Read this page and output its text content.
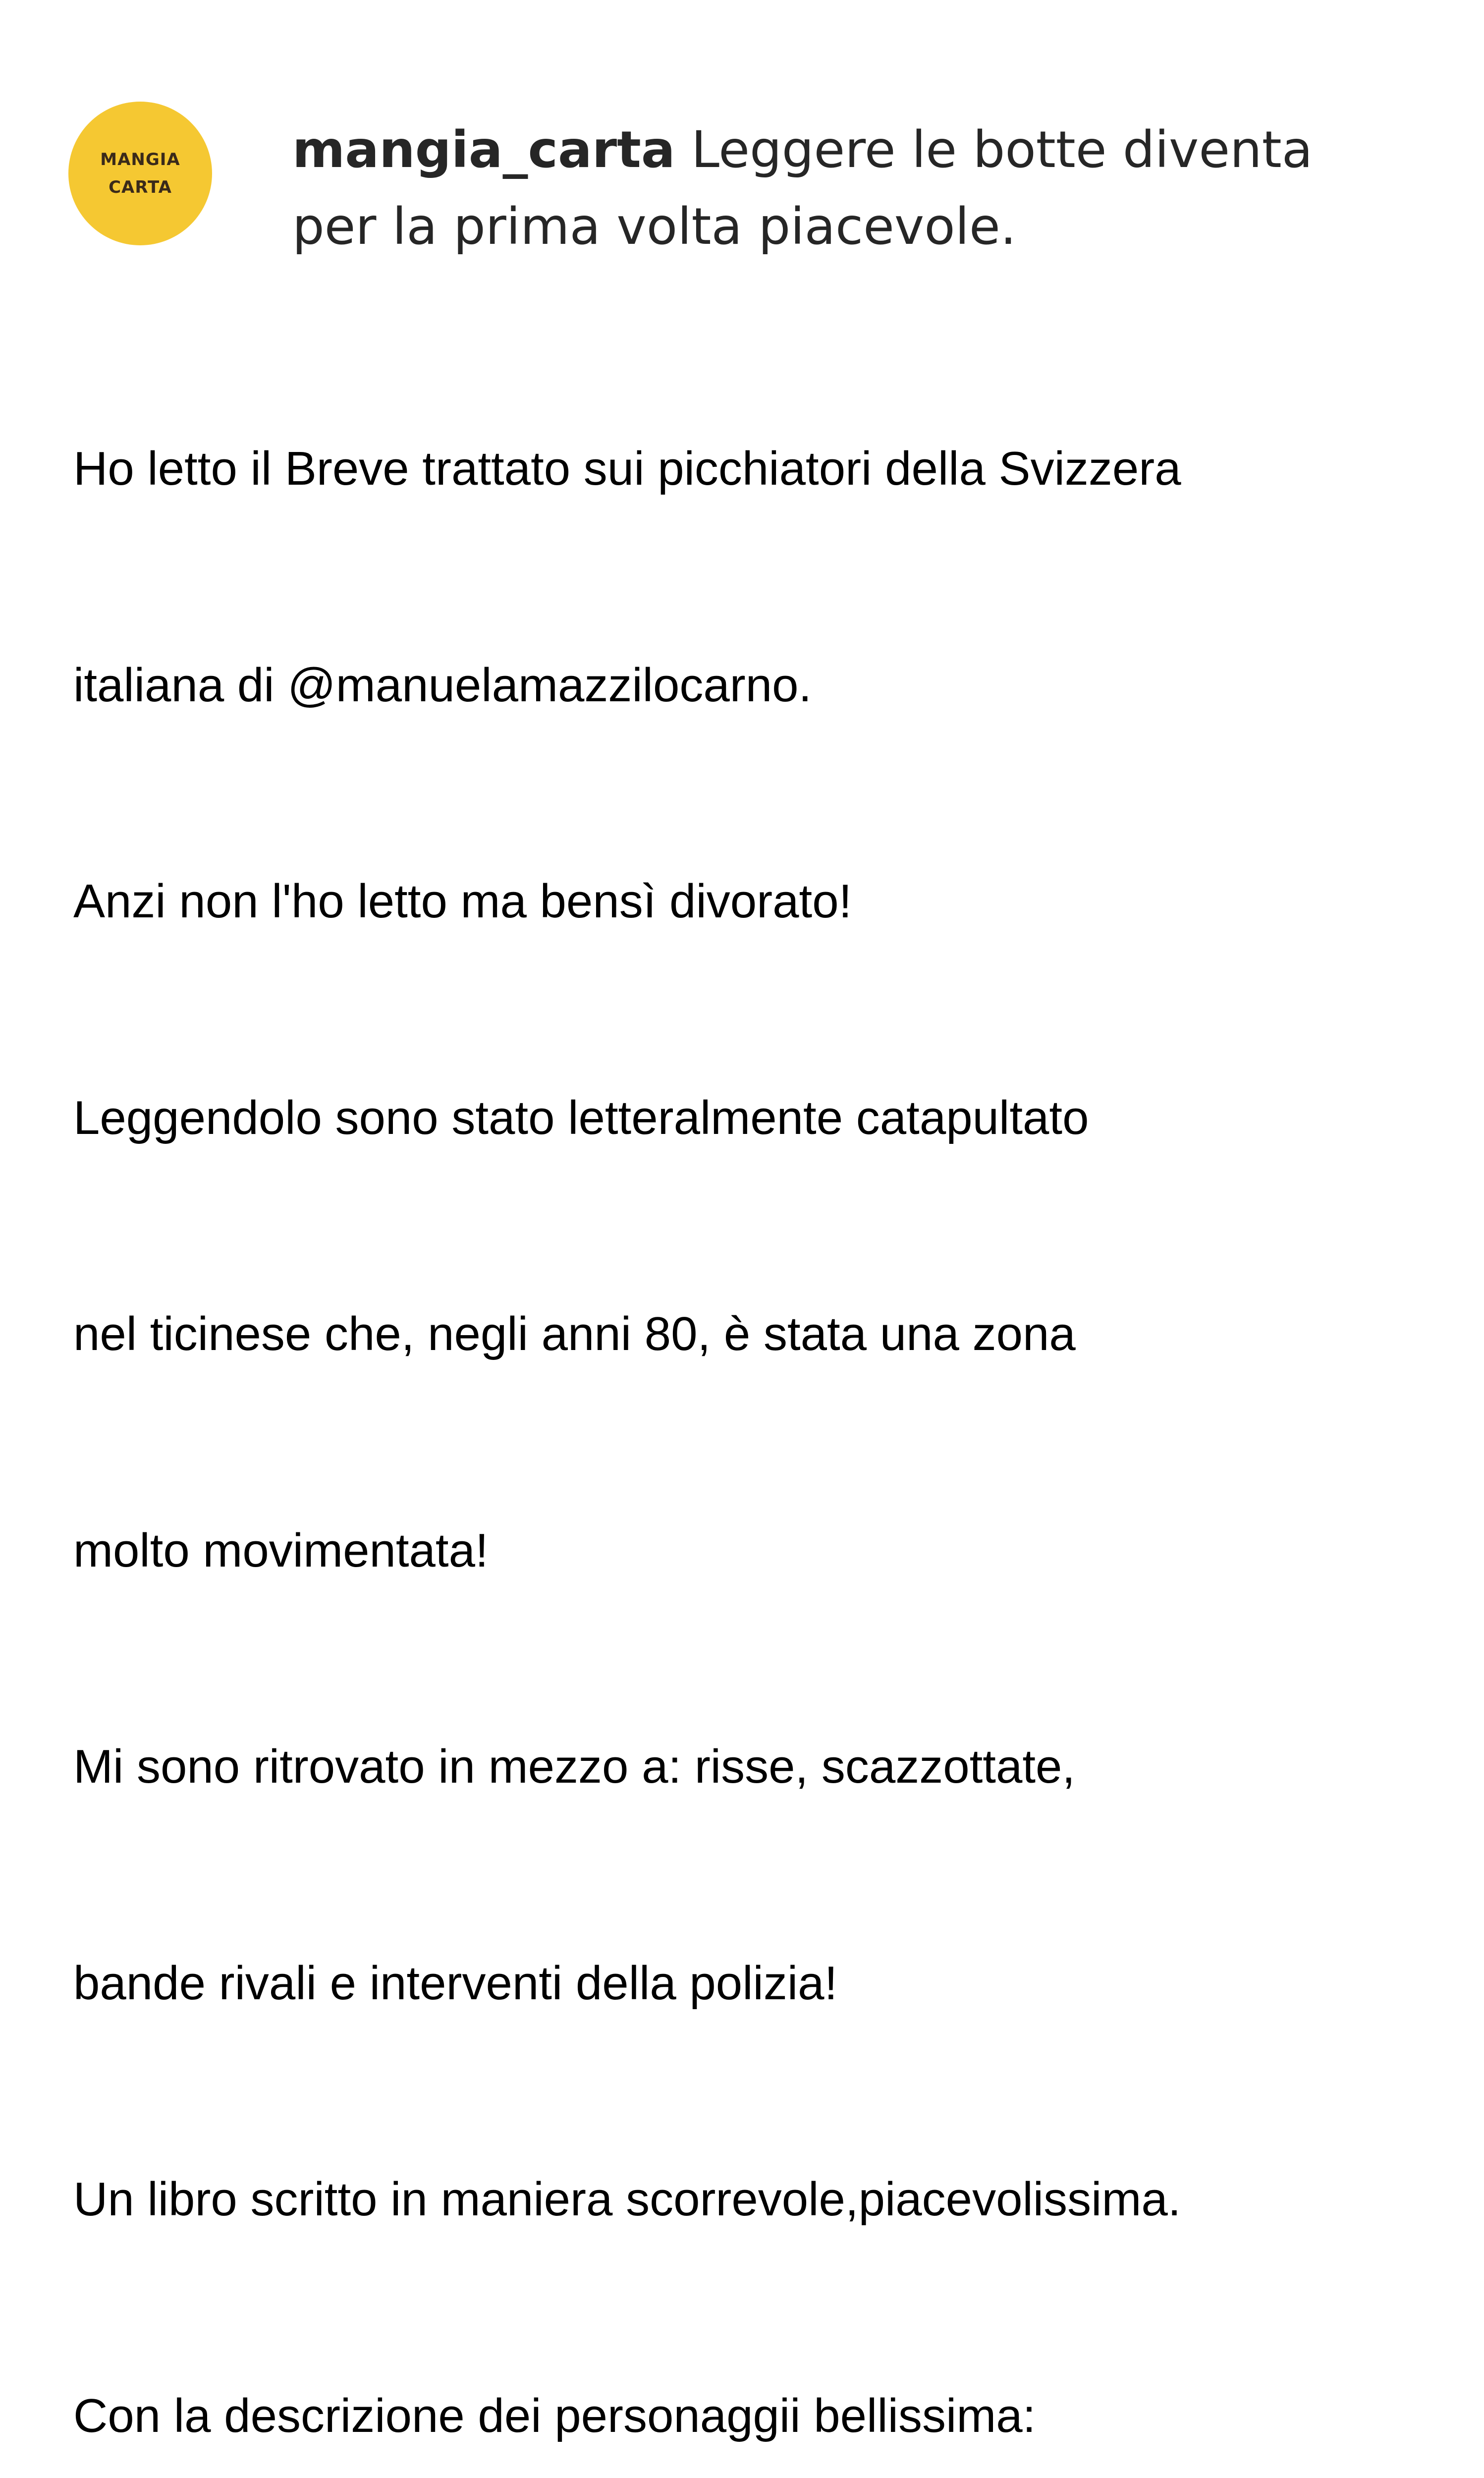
MANGIA
CARTA
mangia_carta Leggere le botte diventa
per la prima volta piacevole.

Ho letto il Breve trattato sui picchiatori della Svizzera

italiana di @manuelamazzilocarno.

Anzi non l'ho letto ma bensì divorato!

Leggendolo sono stato letteralmente catapultato

nel ticinese che, negli anni 80, è stata una zona

molto movimentata!

Mi sono ritrovato in mezzo a: risse, scazzottate,

bande rivali e interventi della polizia!

Un libro scritto in maniera scorrevole,piacevolissima.

Con la descrizione dei personaggii bellissima:
